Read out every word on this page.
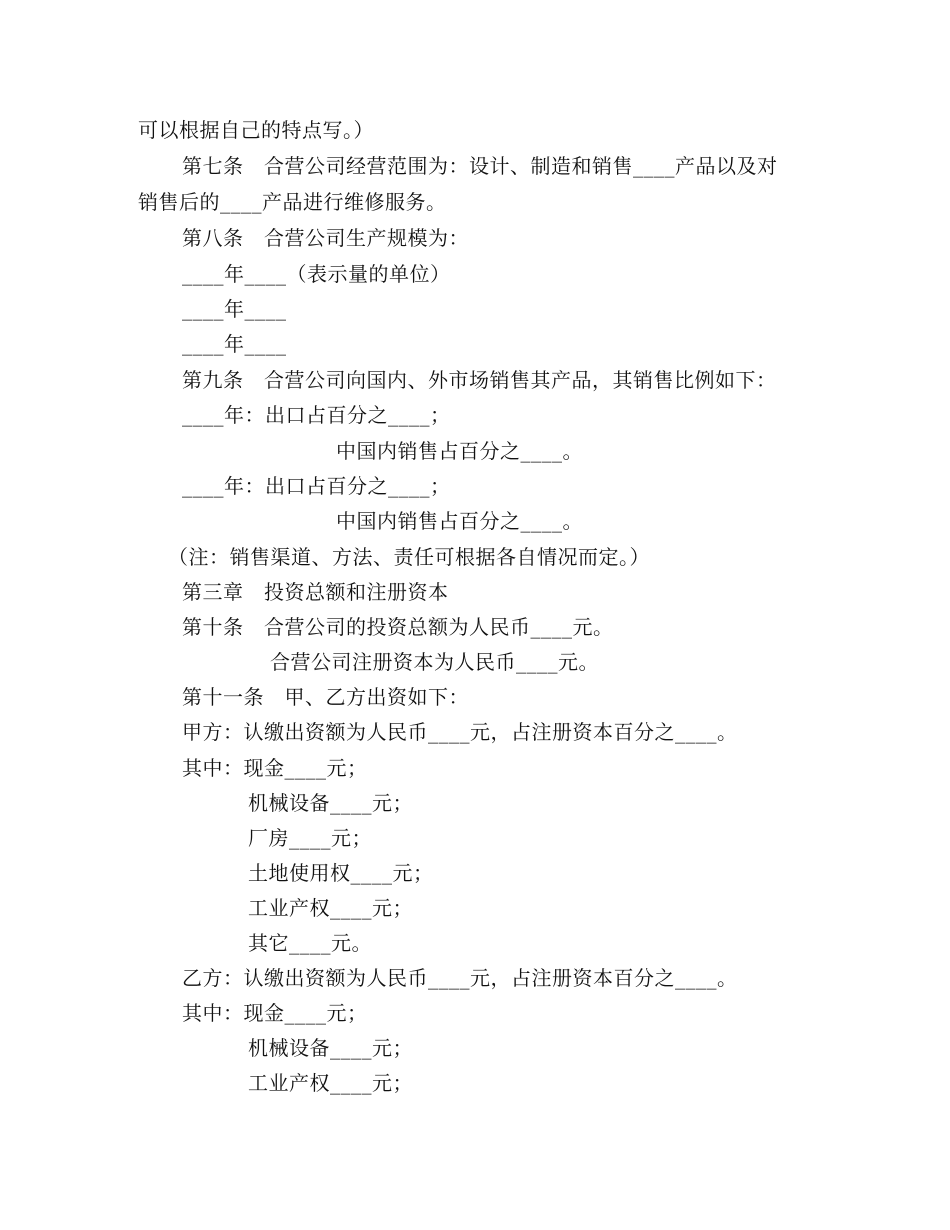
可以根据自己的特点写。）
第七条　合营公司经营范围为：设计、制造和销售____产品以及对
销售后的____产品进行维修服务。
第八条　合营公司生产规模为：
____年____（表示量的单位）
____年____
____年____
第九条　合营公司向国内、外市场销售其产品，其销售比例如下：
____年：出口占百分之____；
中国内销售占百分之____。
____年：出口占百分之____；
中国内销售占百分之____。
（注：销售渠道、方法、责任可根据各自情况而定。）
第三章　投资总额和注册资本
第十条　合营公司的投资总额为人民币____元。
合营公司注册资本为人民币____元。
第十一条　甲、乙方出资如下：
甲方：认缴出资额为人民币____元，占注册资本百分之____。
其中：现金____元；
机械设备____元；
厂房____元；
土地使用权____元；
工业产权____元；
其它____元。
乙方：认缴出资额为人民币____元，占注册资本百分之____。
其中：现金____元；
机械设备____元；
工业产权____元；
